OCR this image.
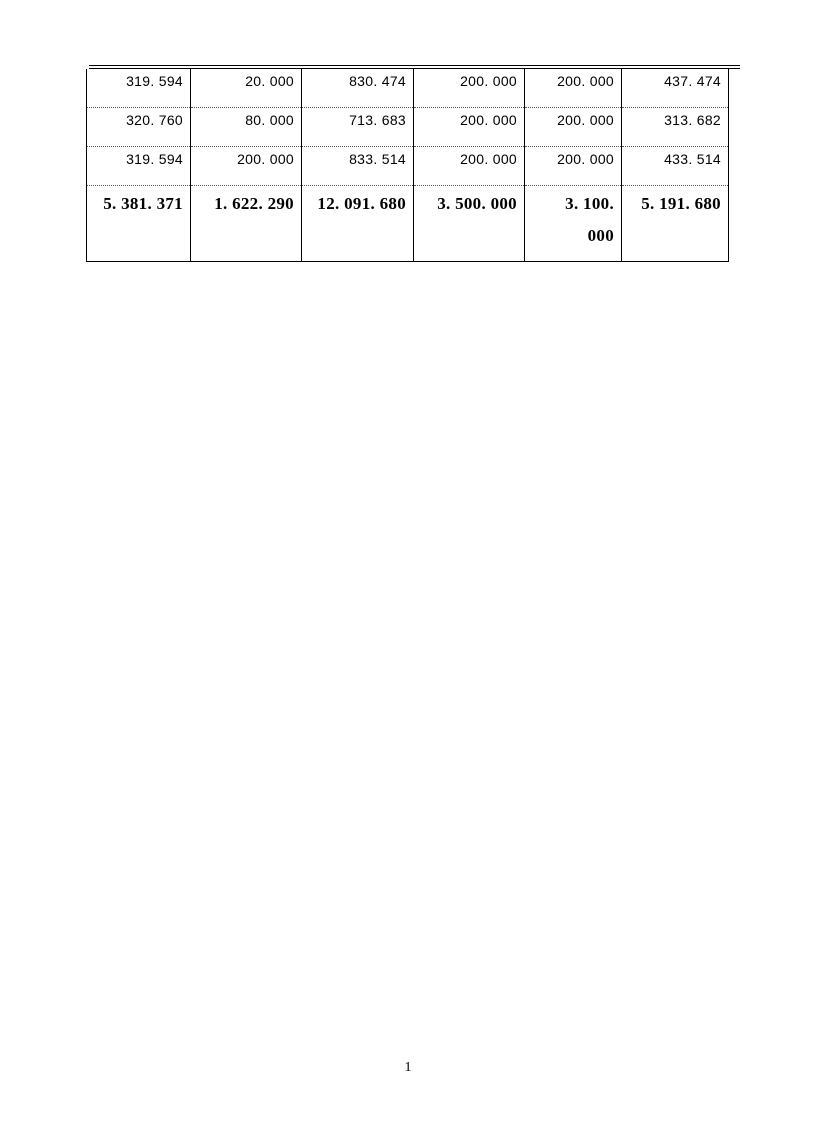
319. 594	20. 000	830. 474	200. 000	200. 000	437. 474

320. 760	80. 000	713. 683	200. 000	200. 000	313. 682

319. 594	200. 000	833. 514	200. 000	200. 000	433. 514

5. 381. 371	1. 622. 290	12. 091. 680	3. 500. 000	3. 100. 000	5. 191. 680
1
